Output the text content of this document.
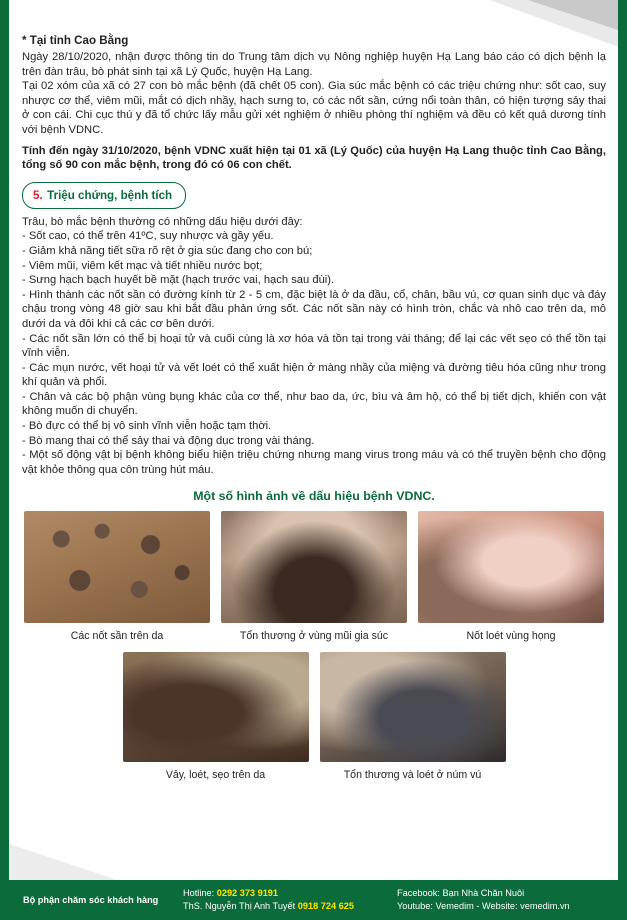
* Tại tỉnh Cao Bằng

Ngày 28/10/2020, nhận được thông tin do Trung tâm dịch vụ Nông nghiệp huyện Hạ Lang báo cáo có dịch bệnh lạ trên đàn trâu, bò phát sinh tại xã Lý Quốc, huyện Hạ Lang.

Tại 02 xóm của xã có 27 con bò mắc bệnh (đã chết 05 con). Gia súc mắc bệnh có các triệu chứng như: sốt cao, suy nhược cơ thể, viêm mũi, mắt có dịch nhầy, hạch sưng to, có các nốt sần, cứng nổi toàn thân, có hiện tượng sảy thai ở con cái. Chi cục thú y đã tổ chức lấy mẫu gửi xét nghiệm ở nhiều phòng thí nghiệm và đều có kết quả dương tính với bệnh VDNC.

Tính đến ngày 31/10/2020, bệnh VDNC xuất hiện tại 01 xã (Lý Quốc) của huyện Hạ Lang thuộc tỉnh Cao Bằng, tổng số 90 con mắc bệnh, trong đó có 06 con chết.

5. Triệu chứng, bệnh tích

Trâu, bò mắc bệnh thường có những dấu hiệu dưới đây:

- Sốt cao, có thể trên 41ºC, suy nhược và gầy yếu.

- Giảm khả năng tiết sữa rõ rệt ở gia súc đang cho con bú;

- Viêm mũi, viêm kết mạc và tiết nhiều nước bọt;

- Sưng hạch bạch huyết bề mặt (hạch trước vai, hạch sau đùi).

- Hình thành các nốt sần có đường kính từ 2 - 5 cm, đặc biệt là ở da đầu, cổ, chân, bầu vú, cơ quan sinh dục và đáy chậu trong vòng 48 giờ sau khi bắt đầu phản ứng sốt. Các nốt sần này có hình tròn, chắc và nhô cao trên da, mô dưới da và đôi khi cả các cơ bên dưới.

- Các nốt sần lớn có thể bị hoại tử và cuối cùng là xơ hóa và tồn tại trong vài tháng; để lại các vết sẹo có thể tồn tại vĩnh viễn.

- Các mụn nước, vết hoại tử và vết loét có thể xuất hiện ở màng nhầy của miệng và đường tiêu hóa cũng như trong khí quản và phổi.

- Chân và các bộ phận vùng bụng khác của cơ thể, như bao da, ức, bìu và âm hộ, có thể bị tiết dịch, khiến con vật không muốn di chuyển.

- Bò đực có thể bị vô sinh vĩnh viễn hoặc tạm thời.

- Bò mang thai có thể sảy thai và động dục trong vài tháng.

- Một số động vật bị bệnh không biểu hiện triệu chứng nhưng mang virus trong máu và có thể truyền bệnh cho động vật khỏe thông qua côn trùng hút máu.

Một số hình ảnh về dấu hiệu bệnh VDNC.

Các nốt sần trên da	Tổn thương ở vùng mũi gia súc	Nốt loét vùng họng
Vảy, loét, sẹo trên da	Tổn thương và loét ở núm vú
Bộ phận chăm sóc khách hàng
Hotline: 0292 373 9191
ThS. Nguyễn Thị Anh Tuyết 0918 724 625
Facebook: Bạn Nhà Chăn Nuôi
Youtube: Vemedim - Website: vemedim.vn
